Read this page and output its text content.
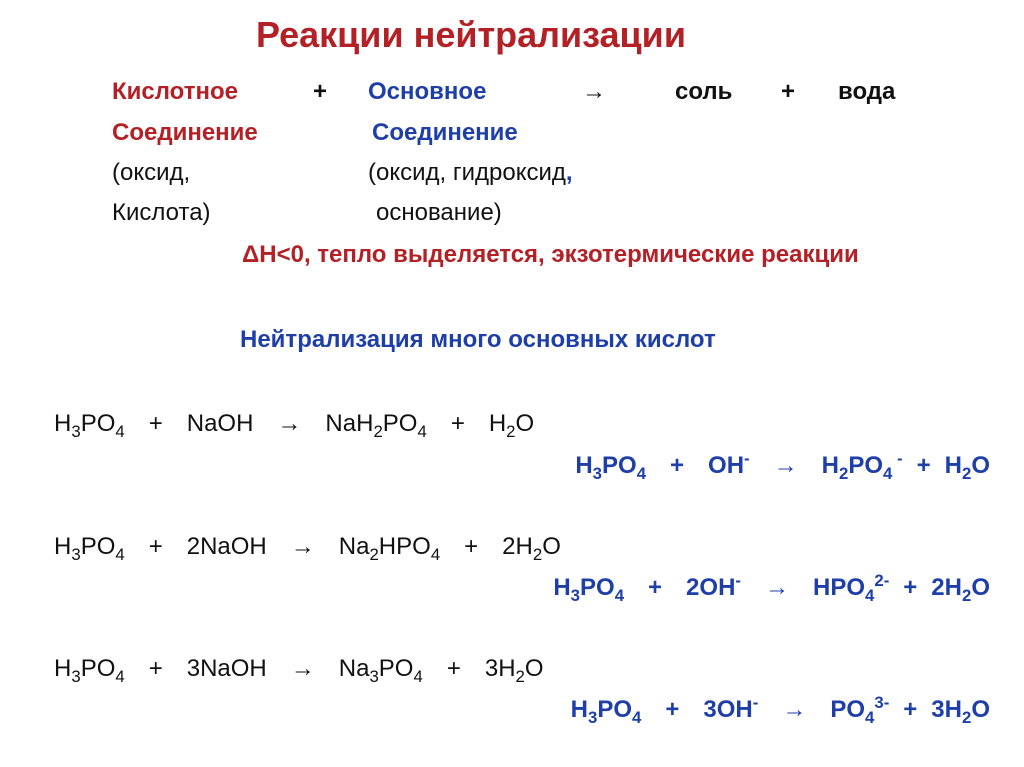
Реакции нейтрализации
Кислотное	+ Основное	→	соль + вода
Соединение	Соединение
(оксид,	(оксид, гидроксид,
Кислота)	основание)
ΔH<0, тепло выделяется, экзотермические реакции
Нейтрализация много основных кислот
$H_3PO_4$ + NaOH → $NaH_2PO_4 + H_2O$
$H_3PO_4 + OH^- \to H_2PO_4$ $^- + H_2O$
$H_3PO_4$ + 2NaOH → $Na_2HPO_4 + 2H_2O$
$H_3PO_4 + 2OH^- \to HPO_4^{2-} + 2H_2O$
$H_3PO_4$ + 3NaOH → $Na_3PO_4 + 3H_2O$
$H_3PO_4 + 3OH^- \to PO_4^{3-} + 3H_2O$
